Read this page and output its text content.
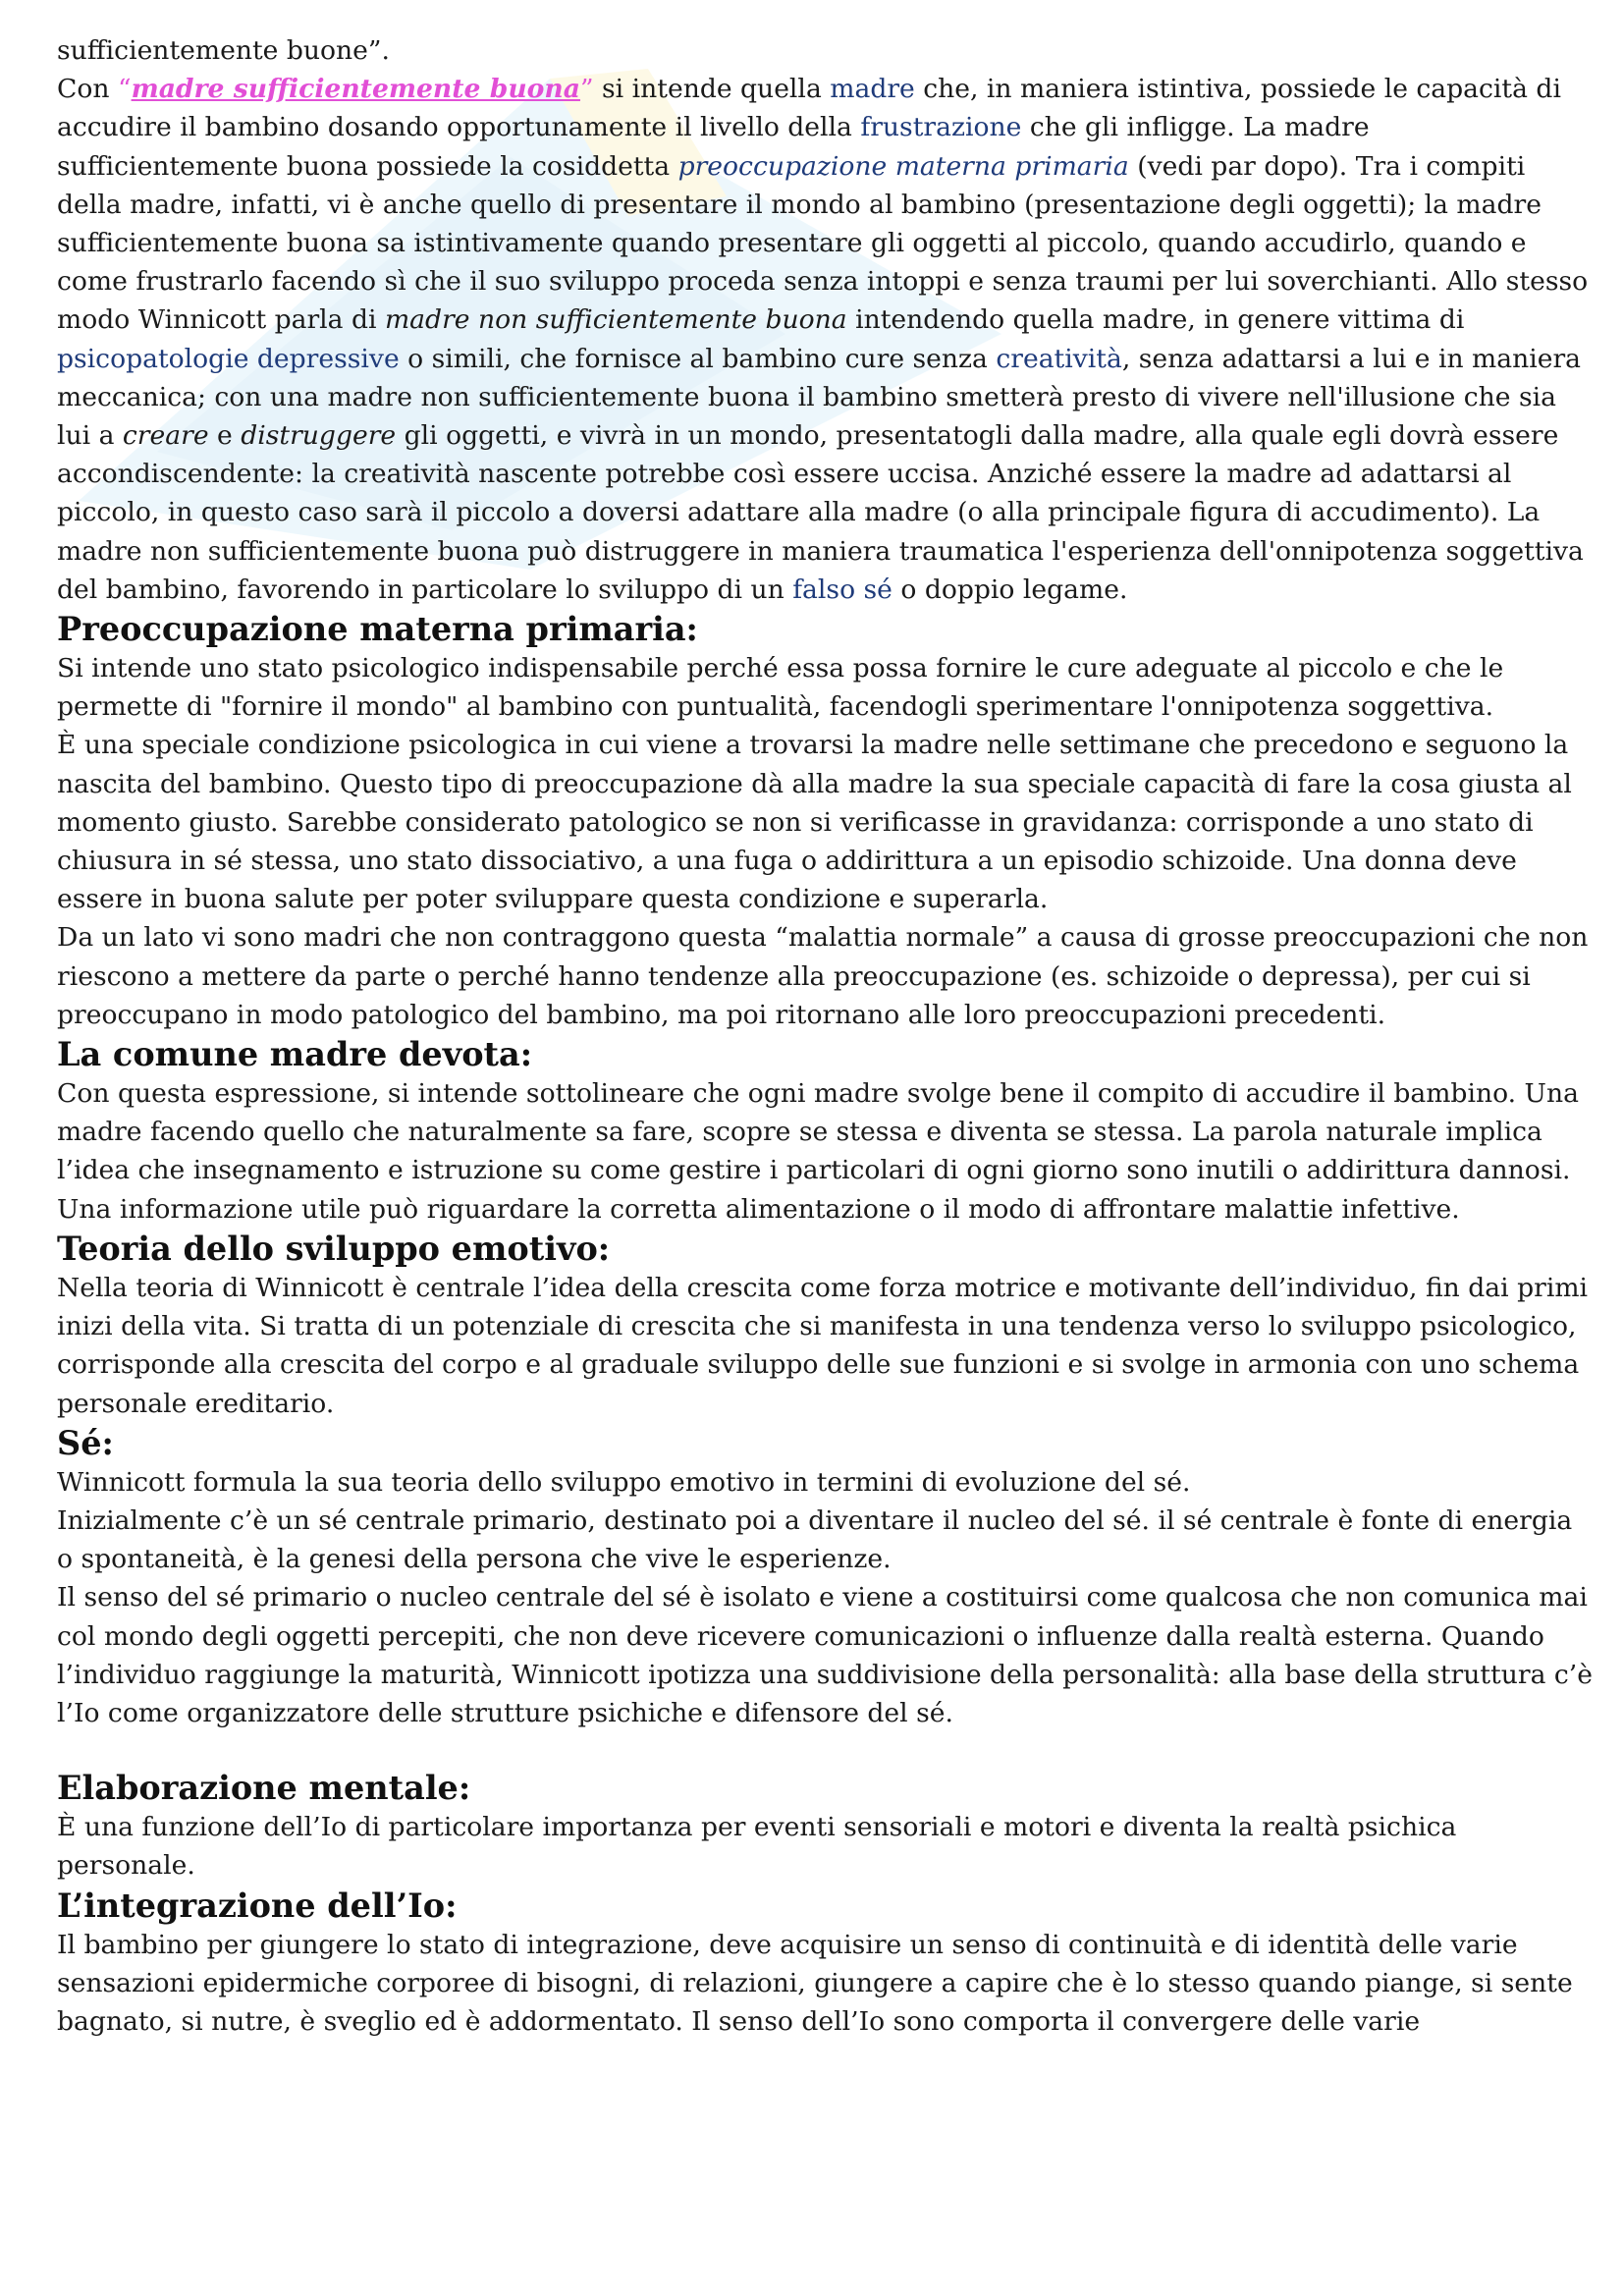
sufficientemente buone”.

Con “madre sufficientemente buona” si intende quella madre che, in maniera istintiva, possiede le capacità di accudire il bambino dosando opportunamente il livello della frustrazione che gli infligge. La madre sufficientemente buona possiede la cosiddetta preoccupazione materna primaria (vedi par dopo). Tra i compiti della madre, infatti, vi è anche quello di presentare il mondo al bambino (presentazione degli oggetti); la madre sufficientemente buona sa istintivamente quando presentare gli oggetti al piccolo, quando accudirlo, quando e come frustrarlo facendo sì che il suo sviluppo proceda senza intoppi e senza traumi per lui soverchianti. Allo stesso modo Winnicott parla di madre non sufficientemente buona intendendo quella madre, in genere vittima di psicopatologie depressive o simili, che fornisce al bambino cure senza creatività, senza adattarsi a lui e in maniera meccanica; con una madre non sufficientemente buona il bambino smetterà presto di vivere nell'illusione che sia lui a creare e distruggere gli oggetti, e vivrà in un mondo, presentatogli dalla madre, alla quale egli dovrà essere accondiscendente: la creatività nascente potrebbe così essere uccisa. Anziché essere la madre ad adattarsi al piccolo, in questo caso sarà il piccolo a doversi adattare alla madre (o alla principale figura di accudimento). La madre non sufficientemente buona può distruggere in maniera traumatica l'esperienza dell'onnipotenza soggettiva del bambino, favorendo in particolare lo sviluppo di un falso sé o doppio legame.

Preoccupazione materna primaria:

Si intende uno stato psicologico indispensabile perché essa possa fornire le cure adeguate al piccolo e che le permette di "fornire il mondo" al bambino con puntualità, facendogli sperimentare l'onnipotenza soggettiva.

È una speciale condizione psicologica in cui viene a trovarsi la madre nelle settimane che precedono e seguono la nascita del bambino. Questo tipo di preoccupazione dà alla madre la sua speciale capacità di fare la cosa giusta al momento giusto. Sarebbe considerato patologico se non si verificasse in gravidanza: corrisponde a uno stato di chiusura in sé stessa, uno stato dissociativo, a una fuga o addirittura a un episodio schizoide. Una donna deve essere in buona salute per poter sviluppare questa condizione e superarla.

Da un lato vi sono madri che non contraggono questa “malattia normale” a causa di grosse preoccupazioni che non riescono a mettere da parte o perché hanno tendenze alla preoccupazione (es. schizoide o depressa), per cui si preoccupano in modo patologico del bambino, ma poi ritornano alle loro preoccupazioni precedenti.

La comune madre devota:

Con questa espressione, si intende sottolineare che ogni madre svolge bene il compito di accudire il bambino. Una madre facendo quello che naturalmente sa fare, scopre se stessa e diventa se stessa. La parola naturale implica l’idea che insegnamento e istruzione su come gestire i particolari di ogni giorno sono inutili o addirittura dannosi. Una informazione utile può riguardare la corretta alimentazione o il modo di affrontare malattie infettive.

Teoria dello sviluppo emotivo:

Nella teoria di Winnicott è centrale l’idea della crescita come forza motrice e motivante dell’individuo, fin dai primi inizi della vita. Si tratta di un potenziale di crescita che si manifesta in una tendenza verso lo sviluppo psicologico, corrisponde alla crescita del corpo e al graduale sviluppo delle sue funzioni e si svolge in armonia con uno schema personale ereditario.

Sé:

Winnicott formula la sua teoria dello sviluppo emotivo in termini di evoluzione del sé.

Inizialmente c’è un sé centrale primario, destinato poi a diventare il nucleo del sé. il sé centrale è fonte di energia o spontaneità, è la genesi della persona che vive le esperienze.

Il senso del sé primario o nucleo centrale del sé è isolato e viene a costituirsi come qualcosa che non comunica mai col mondo degli oggetti percepiti, che non deve ricevere comunicazioni o influenze dalla realtà esterna. Quando l’individuo raggiunge la maturità, Winnicott ipotizza una suddivisione della personalità: alla base della struttura c’è l’Io come organizzatore delle strutture psichiche e difensore del sé.

Elaborazione mentale:

È una funzione dell’Io di particolare importanza per eventi sensoriali e motori e diventa la realtà psichica personale.

L’integrazione dell’Io:

Il bambino per giungere lo stato di integrazione, deve acquisire un senso di continuità e di identità delle varie sensazioni epidermiche corporee di bisogni, di relazioni, giungere a capire che è lo stesso quando piange, si sente bagnato, si nutre, è sveglio ed è addormentato. Il senso dell’Io sono comporta il convergere delle varie
